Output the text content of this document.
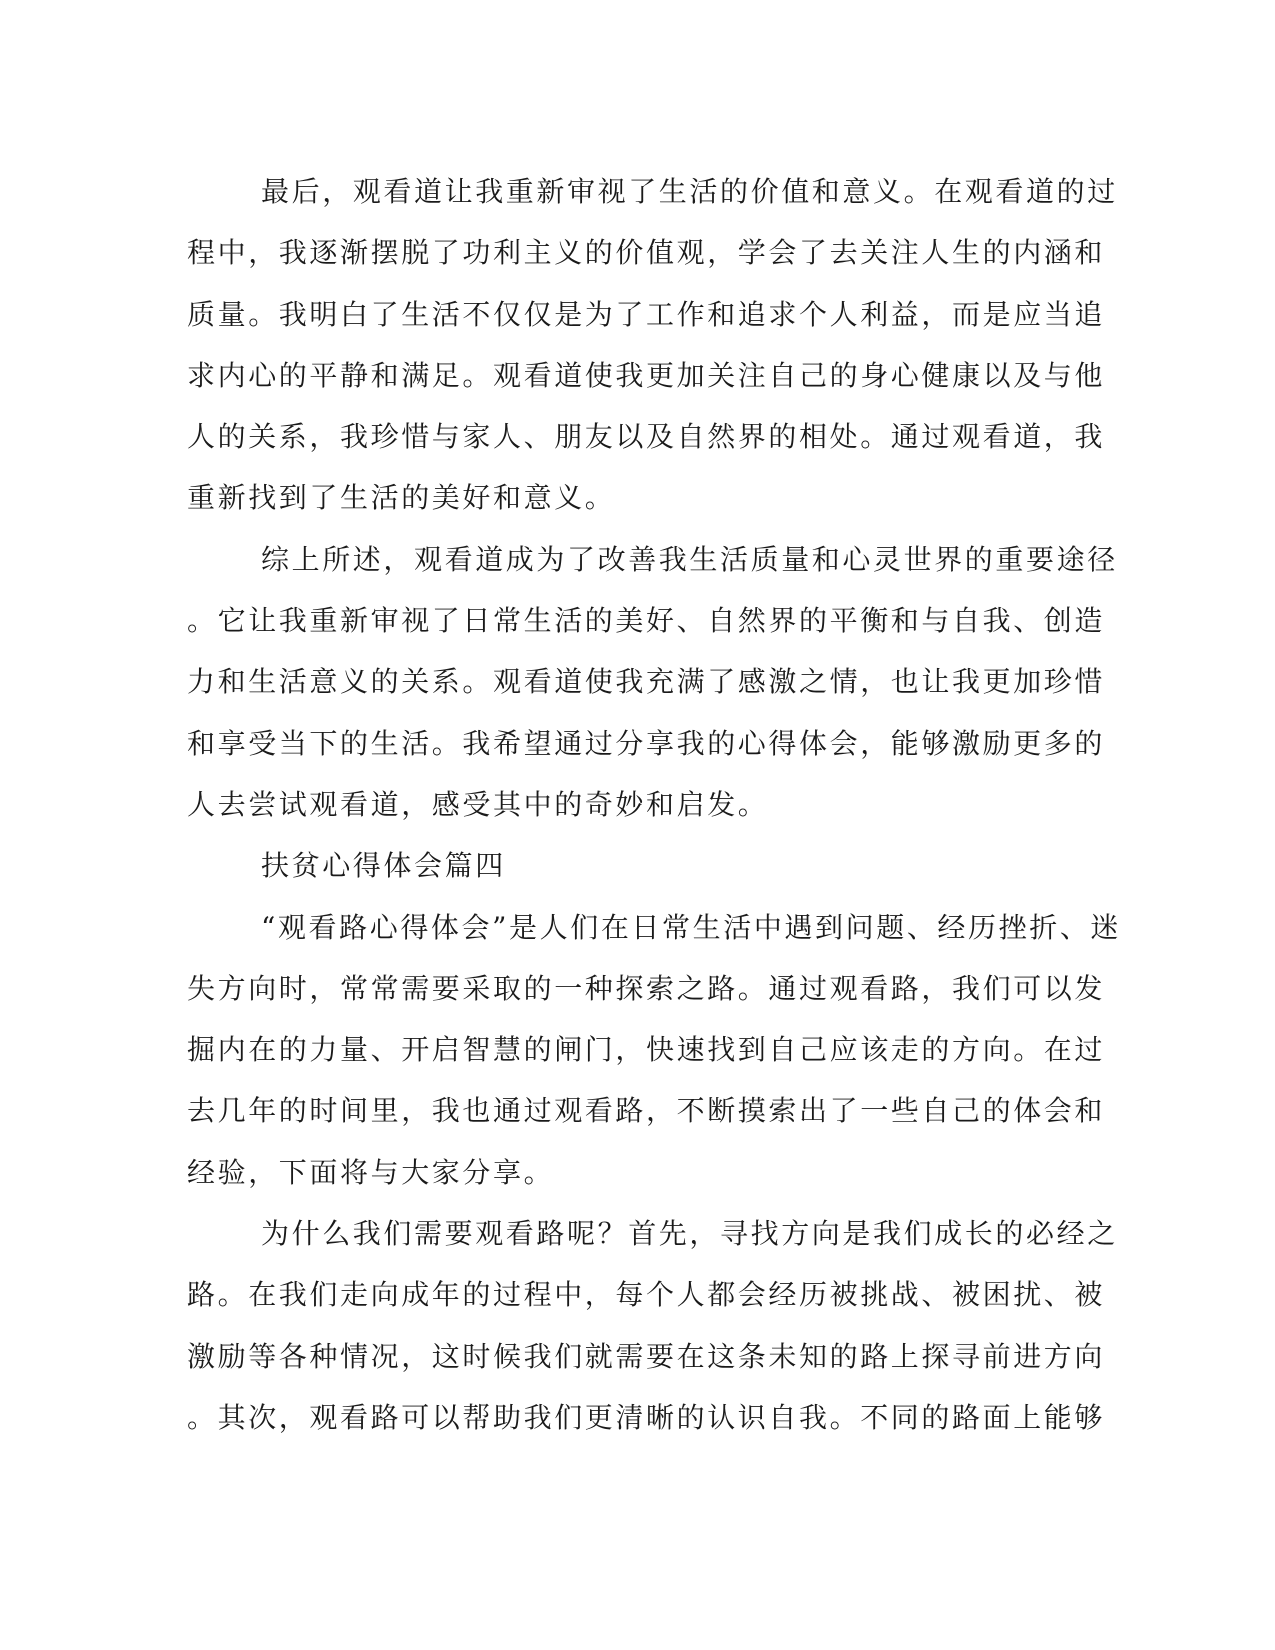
最后，观看道让我重新审视了生活的价值和意义。在观看道的过
程中，我逐渐摆脱了功利主义的价值观，学会了去关注人生的内涵和
质量。我明白了生活不仅仅是为了工作和追求个人利益，而是应当追
求内心的平静和满足。观看道使我更加关注自己的身心健康以及与他
人的关系，我珍惜与家人、朋友以及自然界的相处。通过观看道，我
重新找到了生活的美好和意义。
综上所述，观看道成为了改善我生活质量和心灵世界的重要途径
。它让我重新审视了日常生活的美好、自然界的平衡和与自我、创造
力和生活意义的关系。观看道使我充满了感激之情，也让我更加珍惜
和享受当下的生活。我希望通过分享我的心得体会，能够激励更多的
人去尝试观看道，感受其中的奇妙和启发。
扶贫心得体会篇四
“观看路心得体会”是人们在日常生活中遇到问题、经历挫折、迷
失方向时，常常需要采取的一种探索之路。通过观看路，我们可以发
掘内在的力量、开启智慧的闸门，快速找到自己应该走的方向。在过
去几年的时间里，我也通过观看路，不断摸索出了一些自己的体会和
经验，下面将与大家分享。
为什么我们需要观看路呢？首先，寻找方向是我们成长的必经之
路。在我们走向成年的过程中，每个人都会经历被挑战、被困扰、被
激励等各种情况，这时候我们就需要在这条未知的路上探寻前进方向
。其次，观看路可以帮助我们更清晰的认识自我。不同的路面上能够
